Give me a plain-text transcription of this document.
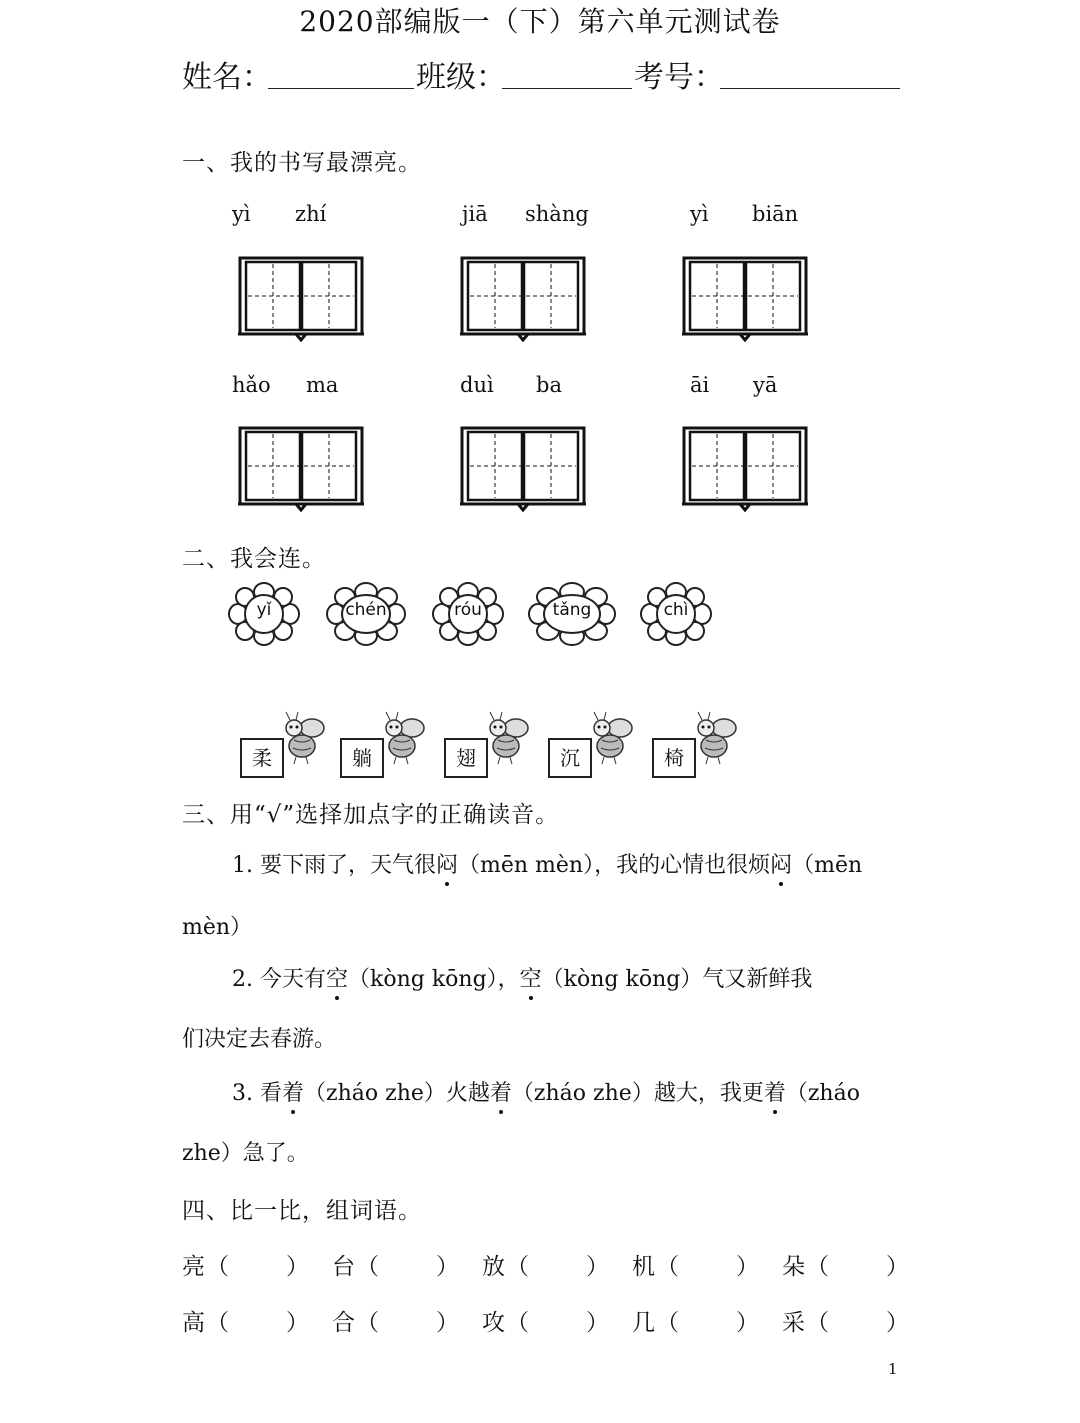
2020部编版一（下）第六单元测试卷
姓名：	班级：	考号：
一、我的书写最漂亮。
yì zhí	jiā shàng	yì biān
hǎo ma	duì ba	āi yā
二、我会连。
yǐ	chén	róu	tǎng	chì
柔	躺	翅	沉	椅
三、用“√”选择加点字的正确读音。
1. 要下雨了，天气很闷（mēn mèn），我的心情也很烦闷（mēn
mèn）
2. 今天有空（kòng kōng），空（kòng kōng）气又新鲜我
们决定去春游。
3. 看着（zháo zhe）火越着（zháo zhe）越大，我更着（zháo
zhe）急了。
四、比一比，组词语。
亮 （ ） 台 （ ） 放 （ ） 机 （ ） 朵 （ ）
高 （ ） 合 （ ） 攻 （ ） 几 （ ） 采 （ ）
1
